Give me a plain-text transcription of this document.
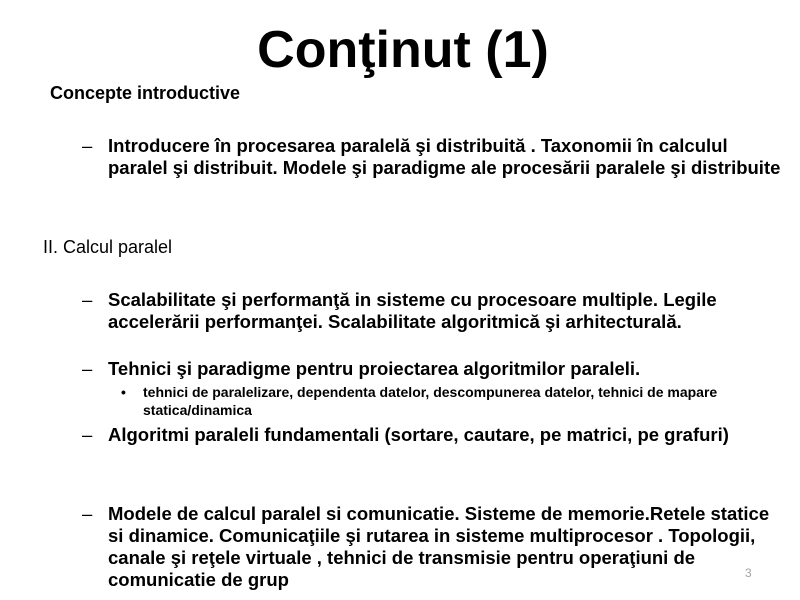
Conţinut (1)

Concepte introductive

– Introducere în procesarea paralelă şi distribuită . Taxonomii în calculul paralel şi distribuit. Modele şi paradigme ale procesării paralele şi distribuite

II. Calcul paralel

– Scalabilitate şi performanţă in sisteme cu procesoare multiple. Legile accelerării performanţei. Scalabilitate algoritmică şi arhitecturală.
– Tehnici şi paradigme pentru proiectarea algoritmilor paraleli.
• tehnici de paralelizare, dependenta datelor, descompunerea datelor, tehnici de mapare statica/dinamica
– Algoritmi paraleli fundamentali (sortare, cautare, pe matrici, pe grafuri)
– Modele de calcul paralel si comunicatie. Sisteme de memorie.Retele statice si dinamice. Comunicaţiile şi rutarea in sisteme multiprocesor . Topologii, canale şi reţele virtuale , tehnici de transmisie pentru operaţiuni de comunicatie de grup	3
